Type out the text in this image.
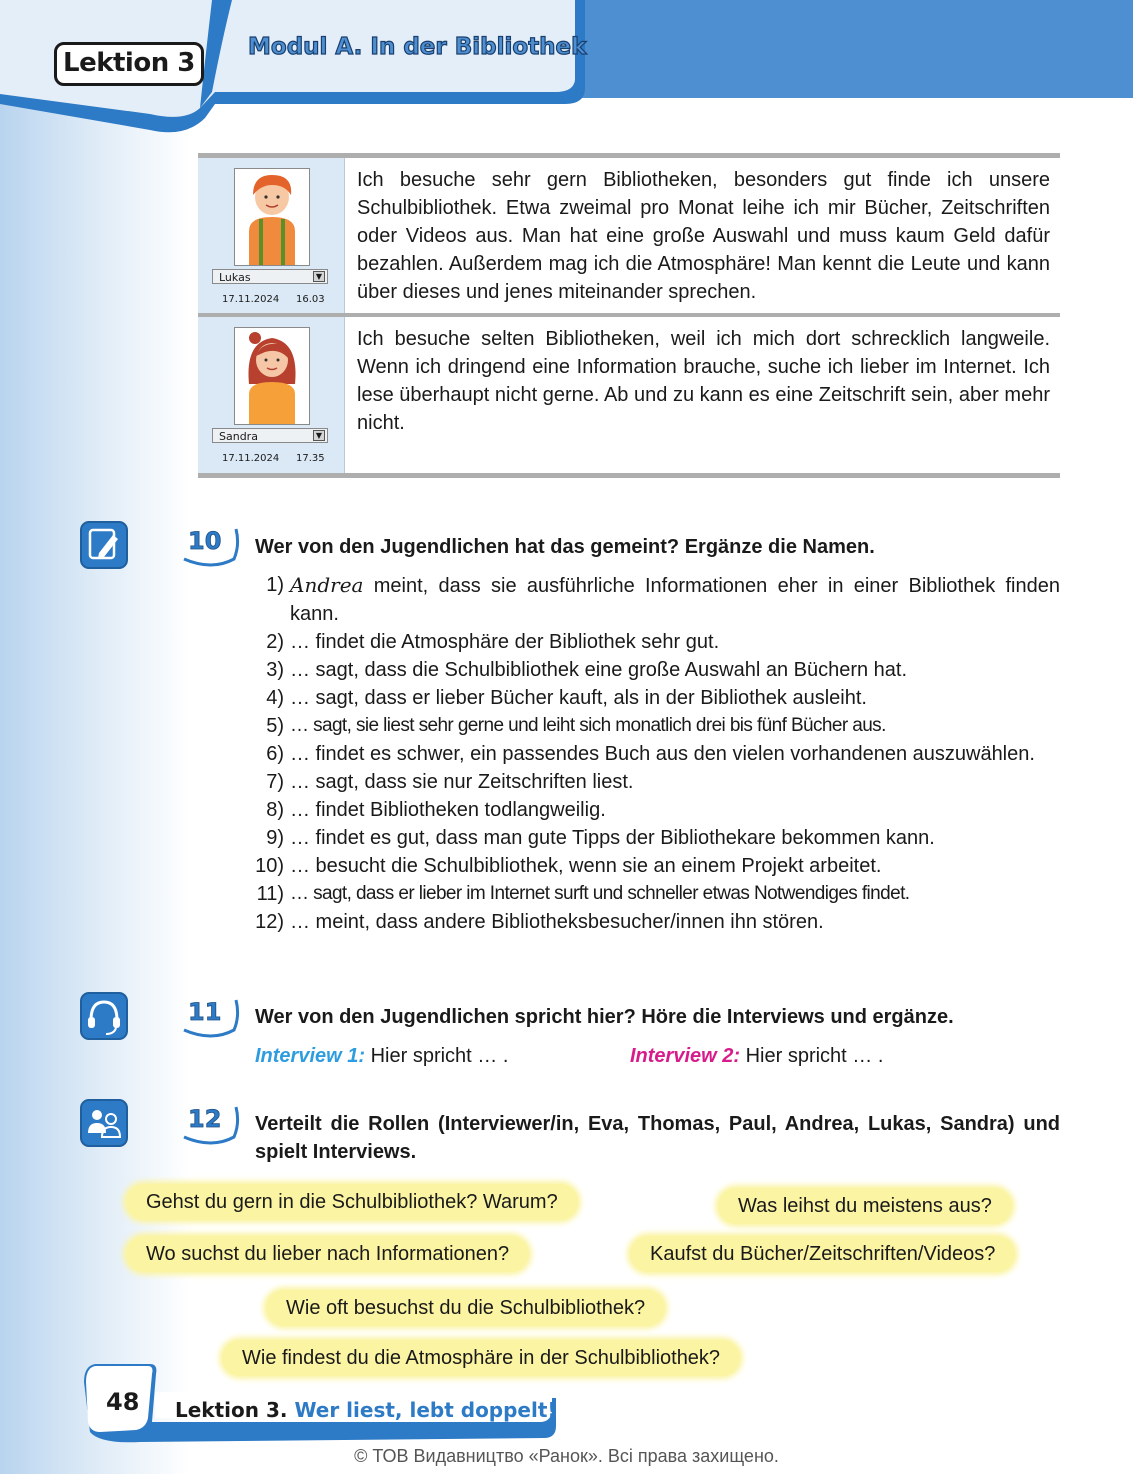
Lektion 3
Modul A. In der Bibliothek
Lukas	▼
17.11.2024 16.03
Ich besuche sehr gern Bibliotheken, besonders gut finde ich unsere Schulbibliothek. Etwa zweimal pro Monat leihe ich mir Bücher, Zeitschriften oder Videos aus. Man hat eine große Auswahl und muss kaum Geld dafür bezahlen. Außerdem mag ich die Atmosphäre! Man kennt die Leute und kann über dieses und jenes miteinander sprechen.
Sandra	▼
17.11.2024 17.35
Ich besuche selten Bibliotheken, weil ich mich dort schrecklich langweile. Wenn ich dringend eine Information brauche, suche ich lieber im Internet. Ich lese überhaupt nicht gerne. Ab und zu kann es eine Zeitschrift sein, aber mehr nicht.
10 Wer von den Jugendlichen hat das gemeint? Ergänze die Namen.
1) Andrea meint, dass sie ausführliche Informationen eher in einer Bibliothek finden kann.
2) … findet die Atmosphäre der Bibliothek sehr gut.
3) … sagt, dass die Schulbibliothek eine große Auswahl an Büchern hat.
4) … sagt, dass er lieber Bücher kauft, als in der Bibliothek ausleiht.
5) … sagt, sie liest sehr gerne und leiht sich monatlich drei bis fünf Bücher aus.
6) … findet es schwer, ein passendes Buch aus den vielen vorhandenen auszuwählen.
7) … sagt, dass sie nur Zeitschriften liest.
8) … findet Bibliotheken todlangweilig.
9) … findet es gut, dass man gute Tipps der Bibliothekare bekommen kann.
10) … besucht die Schulbibliothek, wenn sie an einem Projekt arbeitet.
11) … sagt, dass er lieber im Internet surft und schneller etwas Notwendiges findet.
12) … meint, dass andere Bibliotheksbesucher/innen ihn stören.
11 Wer von den Jugendlichen spricht hier? Höre die Interviews und ergänze.
Interview 1: Hier spricht … .	Interview 2: Hier spricht … .
12 Verteilt die Rollen (Interviewer/in, Eva, Thomas, Paul, Andrea, Lukas, Sandra) und spielt Interviews.
Gehst du gern in die Schulbibliothek? Warum?	Was leihst du meistens aus?
Wo suchst du lieber nach Informationen?	Kaufst du Bücher/Zeitschriften/Videos?
Wie oft besuchst du die Schulbibliothek?
Wie findest du die Atmosphäre in der Schulbibliothek?
48 Lektion 3. Wer liest, lebt doppelt!
© ТОВ Видавництво «Ранок». Всі права захищено.
